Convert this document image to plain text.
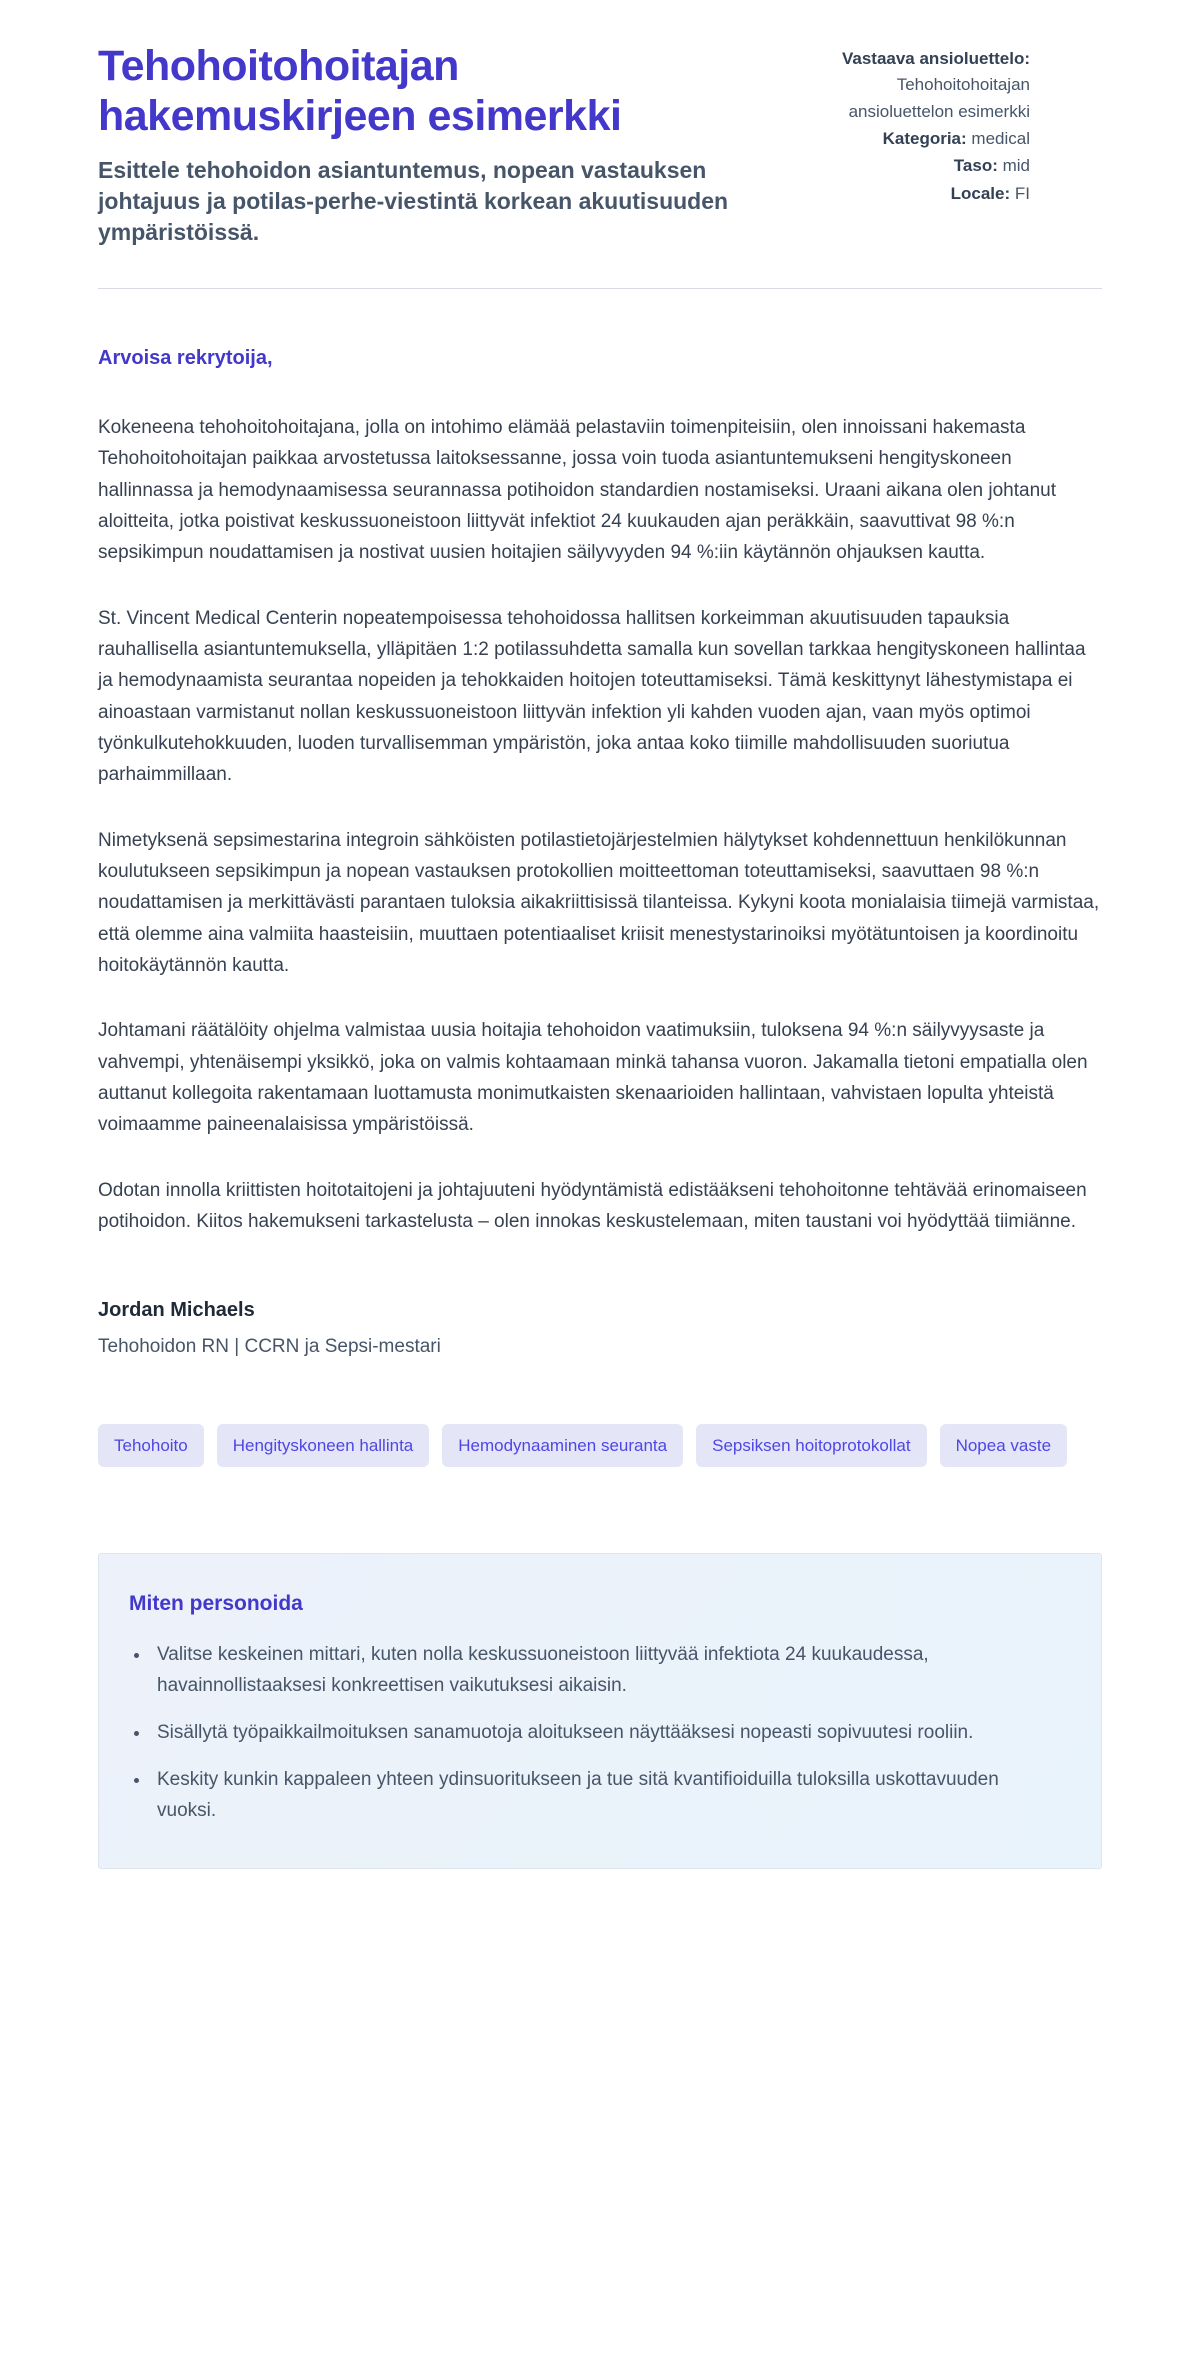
Tehohoitohoitajan hakemuskirjeen esimerkki

Esittele tehohoidon asiantuntemus, nopean vastauksen johtajuus ja potilas-perhe-viestintä korkean akuutisuuden ympäristöissä.

Vastaava ansioluettelo: Tehohoitohoitajan ansioluettelon esimerkki
Kategoria: medical
Taso: mid
Locale: FI

Arvoisa rekrytoija,

Kokeneena tehohoitohoitajana, jolla on intohimo elämää pelastaviin toimenpiteisiin, olen innoissani hakemasta Tehohoitohoitajan paikkaa arvostetussa laitoksessanne, jossa voin tuoda asiantuntemukseni hengityskoneen hallinnassa ja hemodynaamisessa seurannassa potihoidon standardien nostamiseksi. Uraani aikana olen johtanut aloitteita, jotka poistivat keskussuoneistoon liittyvät infektiot 24 kuukauden ajan peräkkäin, saavuttivat 98 %:n sepsikimpun noudattamisen ja nostivat uusien hoitajien säilyvyyden 94 %:iin käytännön ohjauksen kautta.

St. Vincent Medical Centerin nopeatempoisessa tehohoidossa hallitsen korkeimman akuutisuuden tapauksia rauhallisella asiantuntemuksella, ylläpitäen 1:2 potilassuhdetta samalla kun sovellan tarkkaa hengityskoneen hallintaa ja hemodynaamista seurantaa nopeiden ja tehokkaiden hoitojen toteuttamiseksi. Tämä keskittynyt lähestymistapa ei ainoastaan varmistanut nollan keskussuoneistoon liittyvän infektion yli kahden vuoden ajan, vaan myös optimoi työnkulkutehokkuuden, luoden turvallisemman ympäristön, joka antaa koko tiimille mahdollisuuden suoriutua parhaimmillaan.

Nimetyksenä sepsimestarina integroin sähköisten potilastietojärjestelmien hälytykset kohdennettuun henkilökunnan koulutukseen sepsikimpun ja nopean vastauksen protokollien moitteettoman toteuttamiseksi, saavuttaen 98 %:n noudattamisen ja merkittävästi parantaen tuloksia aikakriittisissä tilanteissa. Kykyni koota monialaisia tiimejä varmistaa, että olemme aina valmiita haasteisiin, muuttaen potentiaaliset kriisit menestystarinoiksi myötätuntoisen ja koordinoitu hoitokäytännön kautta.

Johtamani räätälöity ohjelma valmistaa uusia hoitajia tehohoidon vaatimuksiin, tuloksena 94 %:n säilyvyysaste ja vahvempi, yhtenäisempi yksikkö, joka on valmis kohtaamaan minkä tahansa vuoron. Jakamalla tietoni empatialla olen auttanut kollegoita rakentamaan luottamusta monimutkaisten skenaarioiden hallintaan, vahvistaen lopulta yhteistä voimaamme paineenalaisissa ympäristöissä.

Odotan innolla kriittisten hoitotaitojeni ja johtajuuteni hyödyntämistä edistääkseni tehohoitonne tehtävää erinomaiseen potihoidon. Kiitos hakemukseni tarkastelusta – olen innokas keskustelemaan, miten taustani voi hyödyttää tiimiänne.

Jordan Michaels

Tehohoidon RN | CCRN ja Sepsi-mestari

Tehohoito	Hengityskoneen hallinta	Hemodynaaminen seuranta	Sepsiksen hoitoprotokollat	Nopea vaste
Miten personoida
• Valitse keskeinen mittari, kuten nolla keskussuoneistoon liittyvää infektiota 24 kuukaudessa, havainnollistaaksesi konkreettisen vaikutuksesi aikaisin.
• Sisällytä työpaikkailmoituksen sanamuotoja aloitukseen näyttääksesi nopeasti sopivuutesi rooliin.
• Keskity kunkin kappaleen yhteen ydinsuoritukseen ja tue sitä kvantifioiduilla tuloksilla uskottavuuden vuoksi.
